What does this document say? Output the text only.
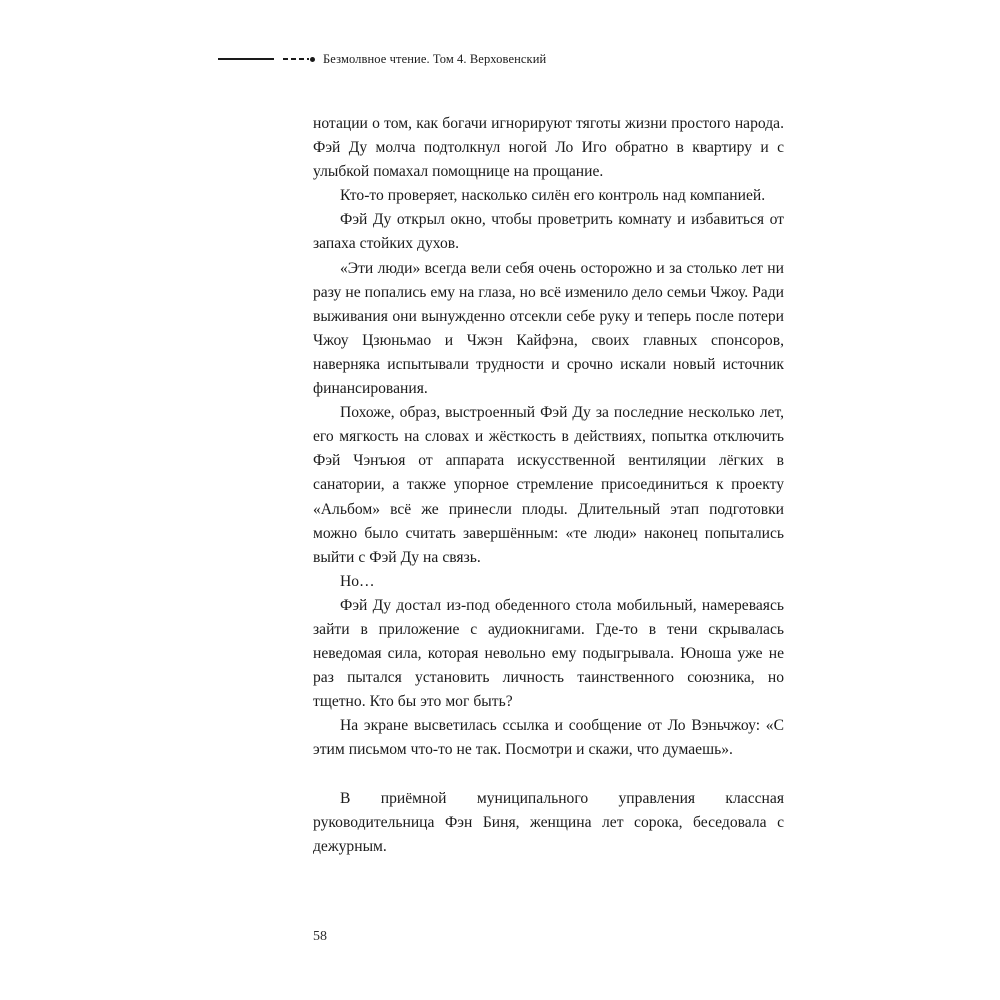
Безмолвное чтение. Том 4. Верховенский

нотации о том, как богачи игнорируют тяготы жизни простого народа. Фэй Ду молча подтолкнул ногой Ло Иго обратно в квартиру и с улыбкой помахал помощнице на прощание.

Кто-то проверяет, насколько силён его контроль над компанией.

Фэй Ду открыл окно, чтобы проветрить комнату и избавиться от запаха стойких духов.

«Эти люди» всегда вели себя очень осторожно и за столько лет ни разу не попались ему на глаза, но всё изменило дело семьи Чжоу. Ради выживания они вынужденно отсекли себе руку и теперь после потери Чжоу Цзюньмао и Чжэн Кайфэна, своих главных спонсоров, наверняка испытывали трудности и срочно искали новый источник финансирования.

Похоже, образ, выстроенный Фэй Ду за последние несколько лет, его мягкость на словах и жёсткость в действиях, попытка отключить Фэй Чэнъюя от аппарата искусственной вентиляции лёгких в санатории, а также упорное стремление присоединиться к проекту «Альбом» всё же принесли плоды. Длительный этап подготовки можно было считать завершённым: «те люди» наконец попытались выйти с Фэй Ду на связь.

Но…

Фэй Ду достал из-под обеденного стола мобильный, намереваясь зайти в приложение с аудиокнигами. Где-то в тени скрывалась неведомая сила, которая невольно ему подыгрывала. Юноша уже не раз пытался установить личность таинственного союзника, но тщетно. Кто бы это мог быть?

На экране высветилась ссылка и сообщение от Ло Вэньчжоу: «С этим письмом что-то не так. Посмотри и скажи, что думаешь».

В приёмной муниципального управления классная руководительница Фэн Биня, женщина лет сорока, беседовала с дежурным.

58
